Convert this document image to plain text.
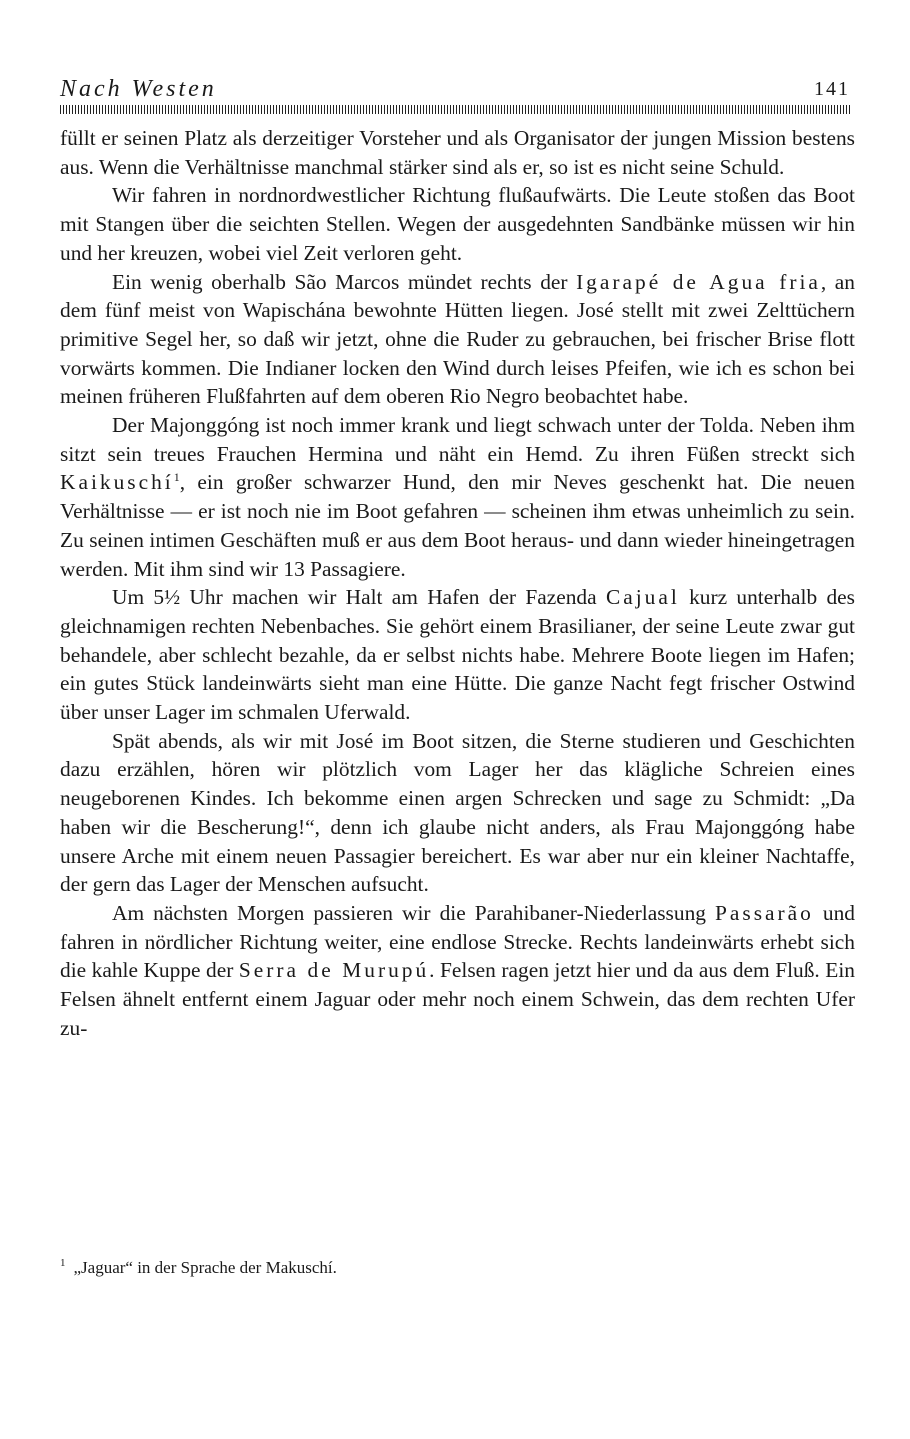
Nach Westen	141

füllt er seinen Platz als derzeitiger Vorsteher und als Organisator der jungen Mission bestens aus. Wenn die Verhältnisse manchmal stärker sind als er, so ist es nicht seine Schuld.

Wir fahren in nordnordwestlicher Richtung flußaufwärts. Die Leute stoßen das Boot mit Stangen über die seichten Stellen. Wegen der ausgedehnten Sandbänke müssen wir hin und her kreuzen, wobei viel Zeit verloren geht.

Ein wenig oberhalb São Marcos mündet rechts der Igarapé de Agua fria, an dem fünf meist von Wapischána bewohnte Hütten liegen. José stellt mit zwei Zelttüchern primitive Segel her, so daß wir jetzt, ohne die Ruder zu gebrauchen, bei frischer Brise flott vorwärts kommen. Die Indianer locken den Wind durch leises Pfeifen, wie ich es schon bei meinen früheren Flußfahrten auf dem oberen Rio Negro beobachtet habe.

Der Majonggóng ist noch immer krank und liegt schwach unter der Tolda. Neben ihm sitzt sein treues Frauchen Hermina und näht ein Hemd. Zu ihren Füßen streckt sich Kaikuschí$^1$, ein großer schwarzer Hund, den mir Neves geschenkt hat. Die neuen Verhältnisse — er ist noch nie im Boot gefahren — scheinen ihm etwas unheimlich zu sein. Zu seinen intimen Geschäften muß er aus dem Boot heraus- und dann wieder hineingetragen werden. Mit ihm sind wir 13 Passagiere.

Um 5½ Uhr machen wir Halt am Hafen der Fazenda Cajual kurz unterhalb des gleichnamigen rechten Nebenbaches. Sie gehört einem Brasilianer, der seine Leute zwar gut behandele, aber schlecht bezahle, da er selbst nichts habe. Mehrere Boote liegen im Hafen; ein gutes Stück landeinwärts sieht man eine Hütte. Die ganze Nacht fegt frischer Ostwind über unser Lager im schmalen Uferwald.

Spät abends, als wir mit José im Boot sitzen, die Sterne studieren und Geschichten dazu erzählen, hören wir plötzlich vom Lager her das klägliche Schreien eines neugeborenen Kindes. Ich bekomme einen argen Schrecken und sage zu Schmidt: „Da haben wir die Bescherung!“, denn ich glaube nicht anders, als Frau Majonggóng habe unsere Arche mit einem neuen Passagier bereichert. Es war aber nur ein kleiner Nachtaffe, der gern das Lager der Menschen aufsucht.

Am nächsten Morgen passieren wir die Parahibaner-Niederlassung Passarão und fahren in nördlicher Richtung weiter, eine endlose Strecke. Rechts landeinwärts erhebt sich die kahle Kuppe der Serra de Murupú. Felsen ragen jetzt hier und da aus dem Fluß. Ein Felsen ähnelt entfernt einem Jaguar oder mehr noch einem Schwein, das dem rechten Ufer zu-

$^1$ „Jaguar“ in der Sprache der Makuschí.
